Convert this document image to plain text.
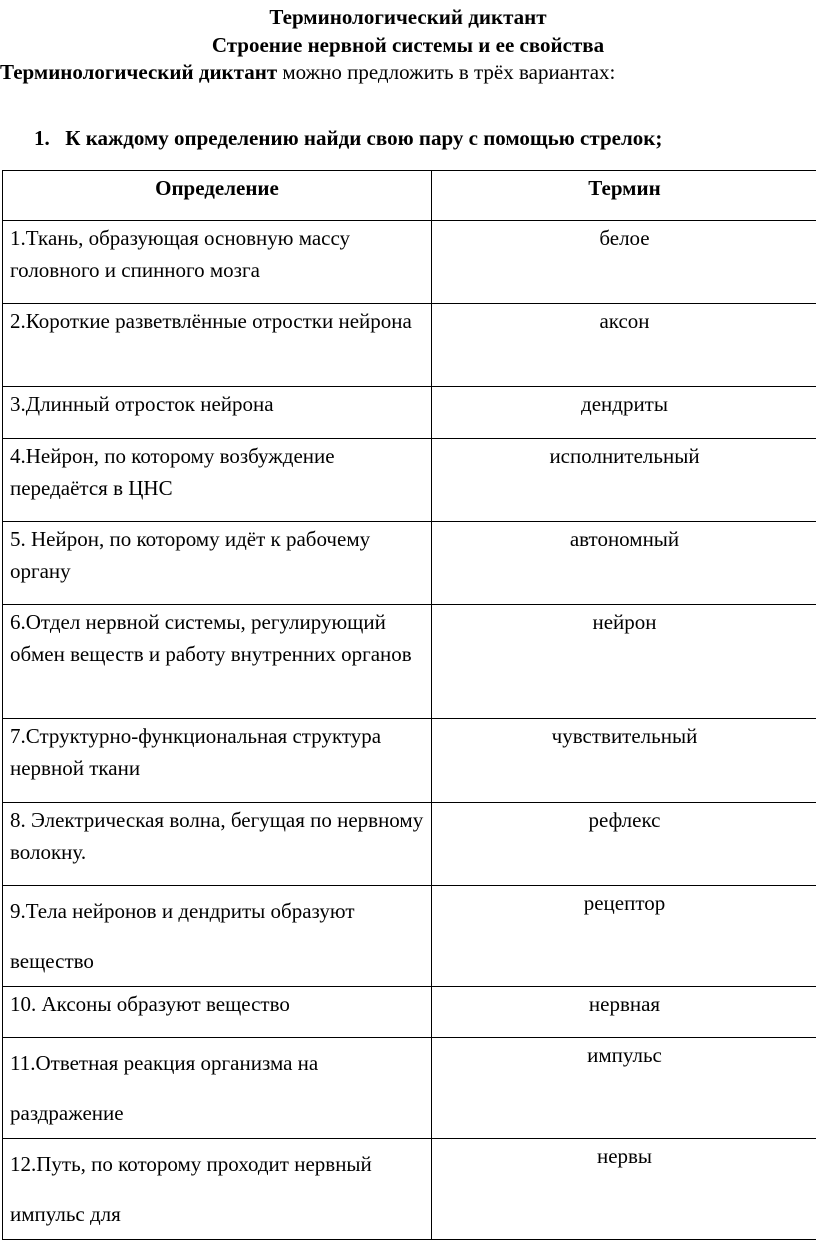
Терминологический диктант
Строение нервной системы и ее свойства
Терминологический диктант можно предложить в трёх вариантах:
1. К каждому определению найди свою пару с помощью стрелок;
Определение	Термин
1.Ткань, образующая основную массу головного и спинного мозга	белое
2.Короткие разветвлённые отростки нейрона	аксон
3.Длинный отросток нейрона	дендриты
4.Нейрон, по которому возбуждение передаётся в ЦНС	исполнительный
5. Нейрон, по которому идёт к рабочему органу	автономный
6.Отдел нервной системы, регулирующий обмен веществ и работу внутренних органов	нейрон
7.Структурно-функциональная структура нервной ткани	чувствительный
8. Электрическая волна, бегущая по нервному волокну.	рефлекс
9.Тела нейронов и дендриты образуют вещество	рецептор
10. Аксоны образуют вещество	нервная
11.Ответная реакция организма на раздражение	импульс
12.Путь, по которому проходит нервный импульс для	нервы
